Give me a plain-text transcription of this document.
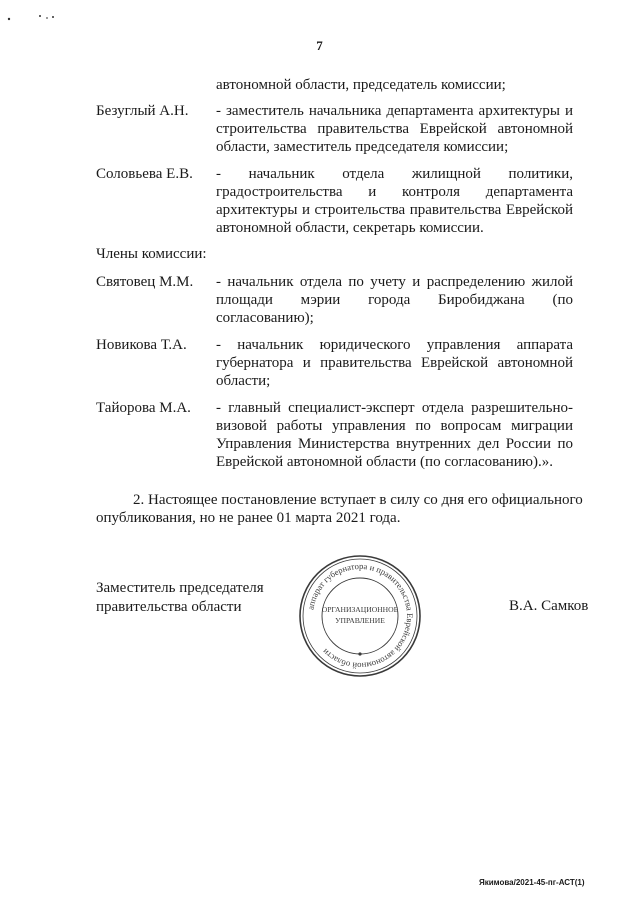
7
автономной области, председатель комиссии;
Безуглый А.Н. - заместитель начальника департамента архитектуры и
строительства правительства Еврейской автономной
области, заместитель председателя комиссии;
Соловьева Е.В. - начальник отдела жилищной политики,
градостроительства и контроля департамента
архитектуры и строительства правительства Еврейской
автономной области, секретарь комиссии.
Члены комиссии:
Святовец М.М. - начальник отдела по учету и распределению жилой
площади мэрии города Биробиджана (по
согласованию);
Новикова Т.А. - начальник юридического управления аппарата
губернатора и правительства Еврейской автономной
области;
Тайорова М.А. - главный специалист-эксперт отдела разрешительно-
визовой работы управления по вопросам миграции
Управления Министерства внутренних дел России по
Еврейской автономной области (по согласованию).».
2. Настоящее постановление вступает в силу со дня его официального
опубликования, но не ранее 01 марта 2021 года.
Заместитель председателя
правительства области	В.А. Самков
аппарат губернатора и правительства Еврейской автономной области
ОРГАНИЗАЦИОННОЕ
УПРАВЛЕНИЕ
Якимова/2021-45-пг-АСТ(1)
